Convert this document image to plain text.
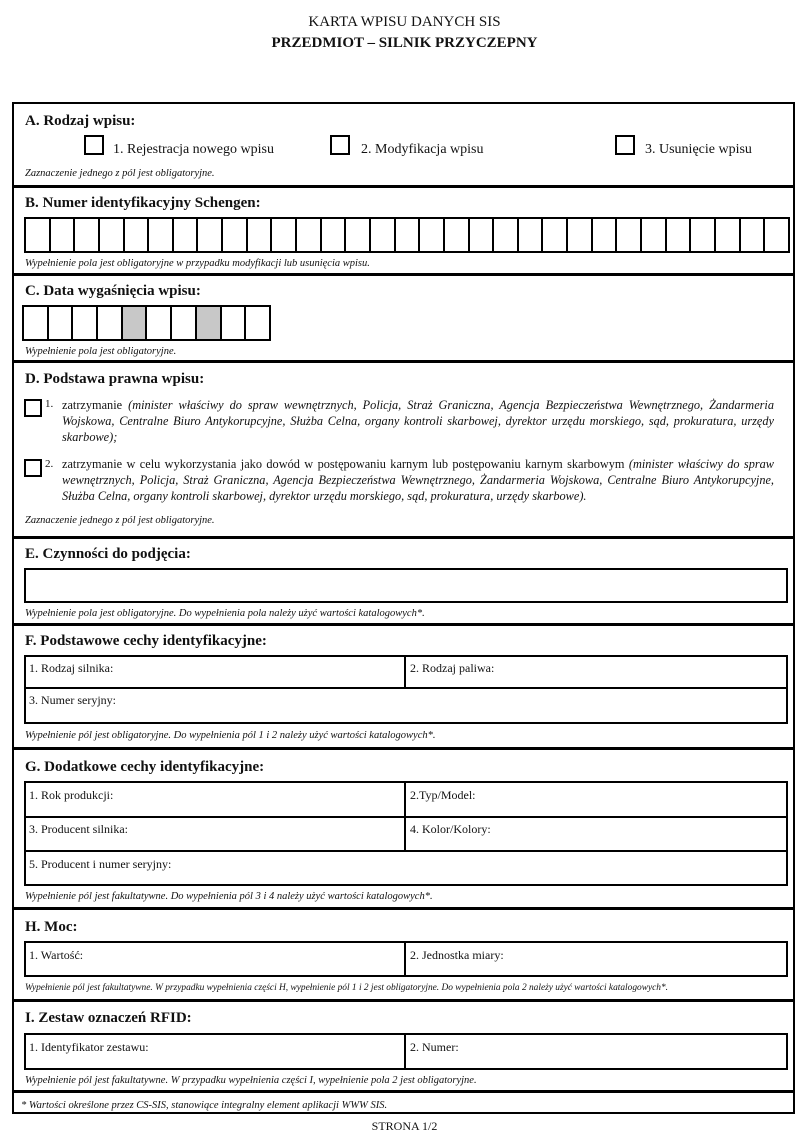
KARTA WPISU DANYCH SIS
PRZEDMIOT – SILNIK PRZYCZEPNY
A. Rodzaj wpisu:
1. Rejestracja nowego wpisu	2. Modyfikacja wpisu	3. Usunięcie wpisu
Zaznaczenie jednego z pól jest obligatoryjne.
B. Numer identyfikacyjny Schengen:
Wypełnienie pola jest obligatoryjne w przypadku modyfikacji lub usunięcia wpisu.
C. Data wygaśnięcia wpisu:
Wypełnienie pola jest obligatoryjne.
D. Podstawa prawna wpisu:
1. zatrzymanie (minister właściwy do spraw wewnętrznych, Policja, Straż Graniczna, Agencja Bezpieczeństwa Wewnętrznego, Żandarmeria Wojskowa, Centralne Biuro Antykorupcyjne, Służba Celna, organy kontroli skarbowej, dyrektor urzędu morskiego, sąd, prokuratura, urzędy skarbowe);
2. zatrzymanie w celu wykorzystania jako dowód w postępowaniu karnym lub postępowaniu karnym skarbowym (minister właściwy do spraw wewnętrznych, Policja, Straż Graniczna, Agencja Bezpieczeństwa Wewnętrznego, Żandarmeria Wojskowa, Centralne Biuro Antykorupcyjne, Służba Celna, organy kontroli skarbowej, dyrektor urzędu morskiego, sąd, prokuratura, urzędy skarbowe).
Zaznaczenie jednego z pól jest obligatoryjne.
E. Czynności do podjęcia:
Wypełnienie pola jest obligatoryjne. Do wypełnienia pola należy użyć wartości katalogowych*.
F. Podstawowe cechy identyfikacyjne:
1. Rodzaj silnika:	2. Rodzaj paliwa:
3. Numer seryjny:
Wypełnienie pól jest obligatoryjne. Do wypełnienia pól 1 i 2 należy użyć wartości katalogowych*.
G. Dodatkowe cechy identyfikacyjne:
1. Rok produkcji:	2.Typ/Model:
3. Producent silnika:	4. Kolor/Kolory:
5. Producent i numer seryjny:
Wypełnienie pól jest fakultatywne. Do wypełnienia pól 3 i 4 należy użyć wartości katalogowych*.
H. Moc:
1. Wartość:	2. Jednostka miary:
Wypełnienie pól jest fakultatywne. W przypadku wypełnienia części H, wypełnienie pól 1 i 2 jest obligatoryjne. Do wypełnienia pola 2 należy użyć wartości katalogowych*.
I. Zestaw oznaczeń RFID:
1. Identyfikator zestawu:	2. Numer:
Wypełnienie pól jest fakultatywne. W przypadku wypełnienia części I, wypełnienie pola 2 jest obligatoryjne.
* Wartości określone przez CS-SIS, stanowiące integralny element aplikacji WWW SIS.
STRONA 1/2
